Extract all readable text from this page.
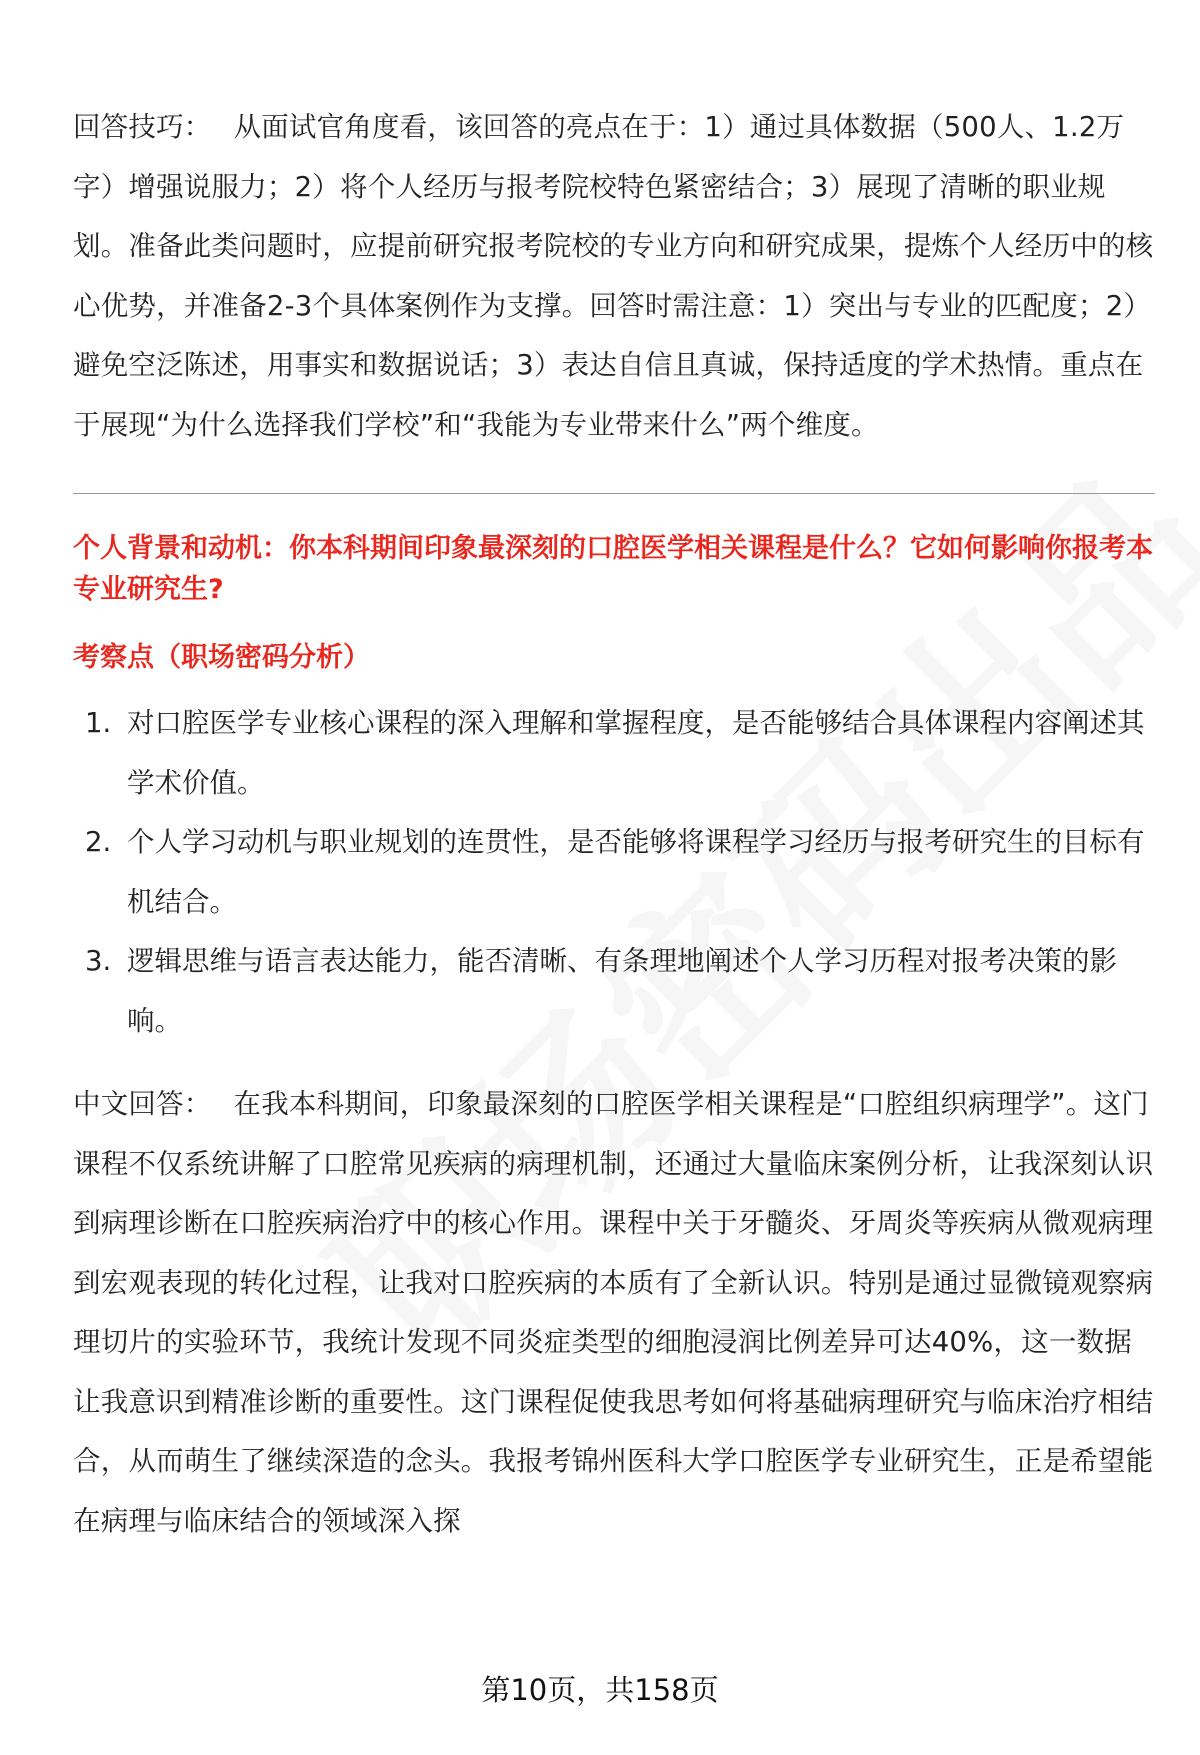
回答技巧： 从面试官角度看，该回答的亮点在于：1）通过具体数据（500人、1.2万字）增强说服力；2）将个人经历与报考院校特色紧密结合；3）展现了清晰的职业规划。准备此类问题时，应提前研究报考院校的专业方向和研究成果，提炼个人经历中的核心优势，并准备2-3个具体案例作为支撑。回答时需注意：1）突出与专业的匹配度；2）避免空泛陈述，用事实和数据说话；3）表达自信且真诚，保持适度的学术热情。重点在于展现“为什么选择我们学校”和“我能为专业带来什么”两个维度。

个人背景和动机：你本科期间印象最深刻的口腔医学相关课程是什么？它如何影响你报考本专业研究生?

考察点（职场密码分析）

1. 对口腔医学专业核心课程的深入理解和掌握程度，是否能够结合具体课程内容阐述其学术价值。
2. 个人学习动机与职业规划的连贯性，是否能够将课程学习经历与报考研究生的目标有机结合。
3. 逻辑思维与语言表达能力，能否清晰、有条理地阐述个人学习历程对报考决策的影响。

中文回答： 在我本科期间，印象最深刻的口腔医学相关课程是“口腔组织病理学”。这门课程不仅系统讲解了口腔常见疾病的病理机制，还通过大量临床案例分析，让我深刻认识到病理诊断在口腔疾病治疗中的核心作用。课程中关于牙髓炎、牙周炎等疾病从微观病理到宏观表现的转化过程，让我对口腔疾病的本质有了全新认识。特别是通过显微镜观察病理切片的实验环节，我统计发现不同炎症类型的细胞浸润比例差异可达40%，这一数据让我意识到精准诊断的重要性。这门课程促使我思考如何将基础病理研究与临床治疗相结合，从而萌生了继续深造的念头。我报考锦州医科大学口腔医学专业研究生，正是希望能在病理与临床结合的领域深入探

第10页，共158页
